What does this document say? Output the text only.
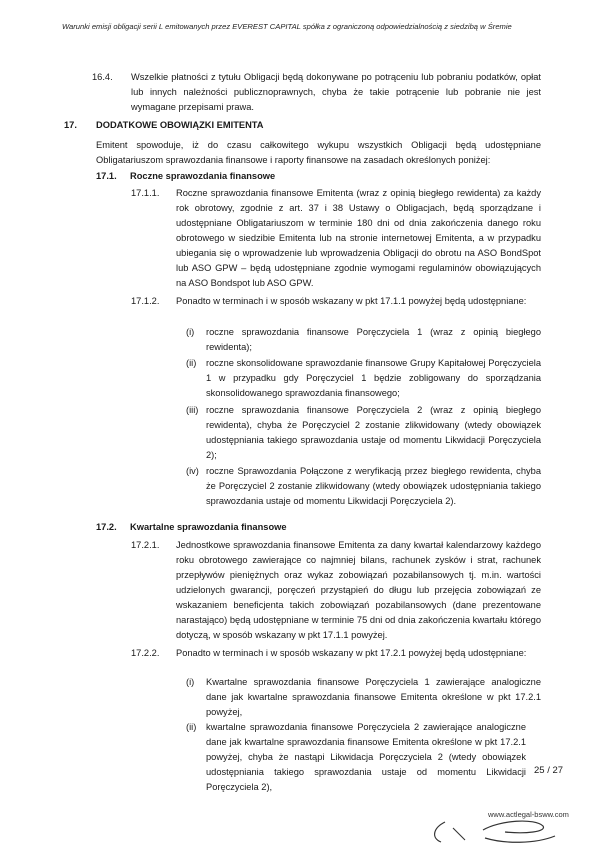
Warunki emisji obligacji serii L emitowanych przez EVEREST CAPITAL spółka z ograniczoną odpowiedzialnością z siedzibą w Śremie
16.4. Wszelkie płatności z tytułu Obligacji będą dokonywane po potrąceniu lub pobraniu podatków, opłat lub innych należności publicznoprawnych, chyba że takie potrącenie lub pobranie nie jest wymagane przepisami prawa.
17. DODATKOWE OBOWIĄZKI EMITENTA
Emitent spowoduje, iż do czasu całkowitego wykupu wszystkich Obligacji będą udostępniane Obligatariuszom sprawozdania finansowe i raporty finansowe na zasadach określonych poniżej:
17.1. Roczne sprawozdania finansowe
17.1.1. Roczne sprawozdania finansowe Emitenta (wraz z opinią biegłego rewidenta) za każdy rok obrotowy, zgodnie z art. 37 i 38 Ustawy o Obligacjach, będą sporządzane i udostępniane Obligatariuszom w terminie 180 dni od dnia zakończenia danego roku obrotowego w siedzibie Emitenta lub na stronie internetowej Emitenta, a w przypadku ubiegania się o wprowadzenie lub wprowadzenia Obligacji do obrotu na ASO BondSpot lub ASO GPW – będą udostępniane zgodnie wymogami regulaminów obowiązujących na ASO Bondspot lub ASO GPW.
17.1.2. Ponadto w terminach i w sposób wskazany w pkt 17.1.1 powyżej będą udostępniane:
(i) roczne sprawozdania finansowe Poręczyciela 1 (wraz z opinią biegłego rewidenta);
(ii) roczne skonsolidowane sprawozdanie finansowe Grupy Kapitałowej Poręczyciela 1 w przypadku gdy Poręczyciel 1 będzie zobligowany do sporządzania skonsolidowanego sprawozdania finansowego;
(iii) roczne sprawozdania finansowe Poręczyciela 2 (wraz z opinią biegłego rewidenta), chyba że Poręczyciel 2 zostanie zlikwidowany (wtedy obowiązek udostępniania takiego sprawozdania ustaje od momentu Likwidacji Poręczyciela 2);
(iv) roczne Sprawozdania Połączone z weryfikacją przez biegłego rewidenta, chyba że Poręczyciel 2 zostanie zlikwidowany (wtedy obowiązek udostępniania takiego sprawozdania ustaje od momentu Likwidacji Poręczyciela 2).
17.2. Kwartalne sprawozdania finansowe
17.2.1. Jednostkowe sprawozdania finansowe Emitenta za dany kwartał kalendarzowy każdego roku obrotowego zawierające co najmniej bilans, rachunek zysków i strat, rachunek przepływów pieniężnych oraz wykaz zobowiązań pozabilansowych tj. m.in. wartości udzielonych gwarancji, poręczeń przystąpień do długu lub przejęcia zobowiązań ze wskazaniem beneficjenta takich zobowiązań pozabilansowych (dane prezentowane narastająco) będą udostępniane w terminie 75 dni od dnia zakończenia kwartału którego dotyczą, w sposób wskazany w pkt 17.1.1 powyżej.
17.2.2. Ponadto w terminach i w sposób wskazany w pkt 17.2.1 powyżej będą udostępniane:
(i) Kwartalne sprawozdania finansowe Poręczyciela 1 zawierające analogiczne dane jak kwartalne sprawozdania finansowe Emitenta określone w pkt 17.2.1 powyżej,
(ii) kwartalne sprawozdania finansowe Poręczyciela 2 zawierające analogiczne dane jak kwartalne sprawozdania finansowe Emitenta określone w pkt 17.2.1 powyżej, chyba że nastąpi Likwidacja Poręczyciela 2 (wtedy obowiązek udostępniania takiego sprawozdania ustaje od momentu Likwidacji Poręczyciela 2),
25 / 27
www.actlegal-bsww.com
